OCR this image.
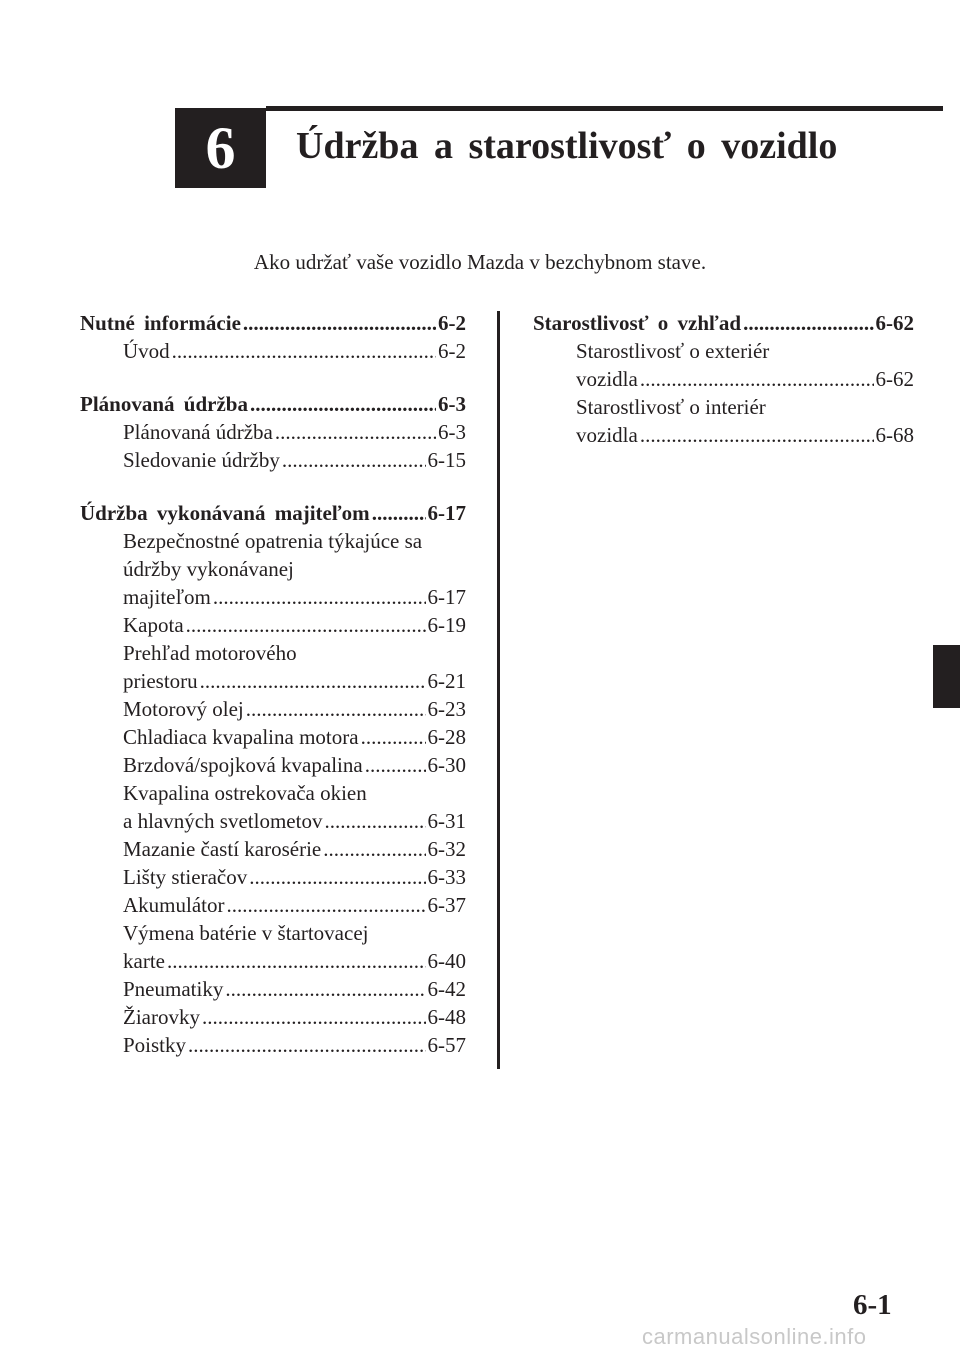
6 Údržba a starostlivosť o vozidlo
Ako udržať vaše vozidlo Mazda v bezchybnom stave.
Nutné informácie .....	6-2
Úvod .....	6-2
Plánovaná údržba .....	6-3
Plánovaná údržba .....	6-3
Sledovanie údržby .....	6-15
Údržba vykonávaná majiteľom .....	6-17
Bezpečnostné opatrenia týkajúce sa
údržby vykonávanej
majiteľom .....	6-17
Kapota .....	6-19
Prehľad motorového
priestoru .....	6-21
Motorový olej .....	6-23
Chladiaca kvapalina motora .....	6-28
Brzdová/spojková kvapalina .....	6-30
Kvapalina ostrekovača okien
a hlavných svetlometov .....	6-31
Mazanie častí karosérie .....	6-32
Lišty stieračov .....	6-33
Akumulátor .....	6-37
Výmena batérie v štartovacej
karte .....	6-40
Pneumatiky .....	6-42
Žiarovky .....	6-48
Poistky .....	6-57
Starostlivosť o vzhľad .....	6-62
Starostlivosť o exteriér
vozidla .....	6-62
Starostlivosť o interiér
vozidla .....	6-68

6-1

carmanualsonline.info
